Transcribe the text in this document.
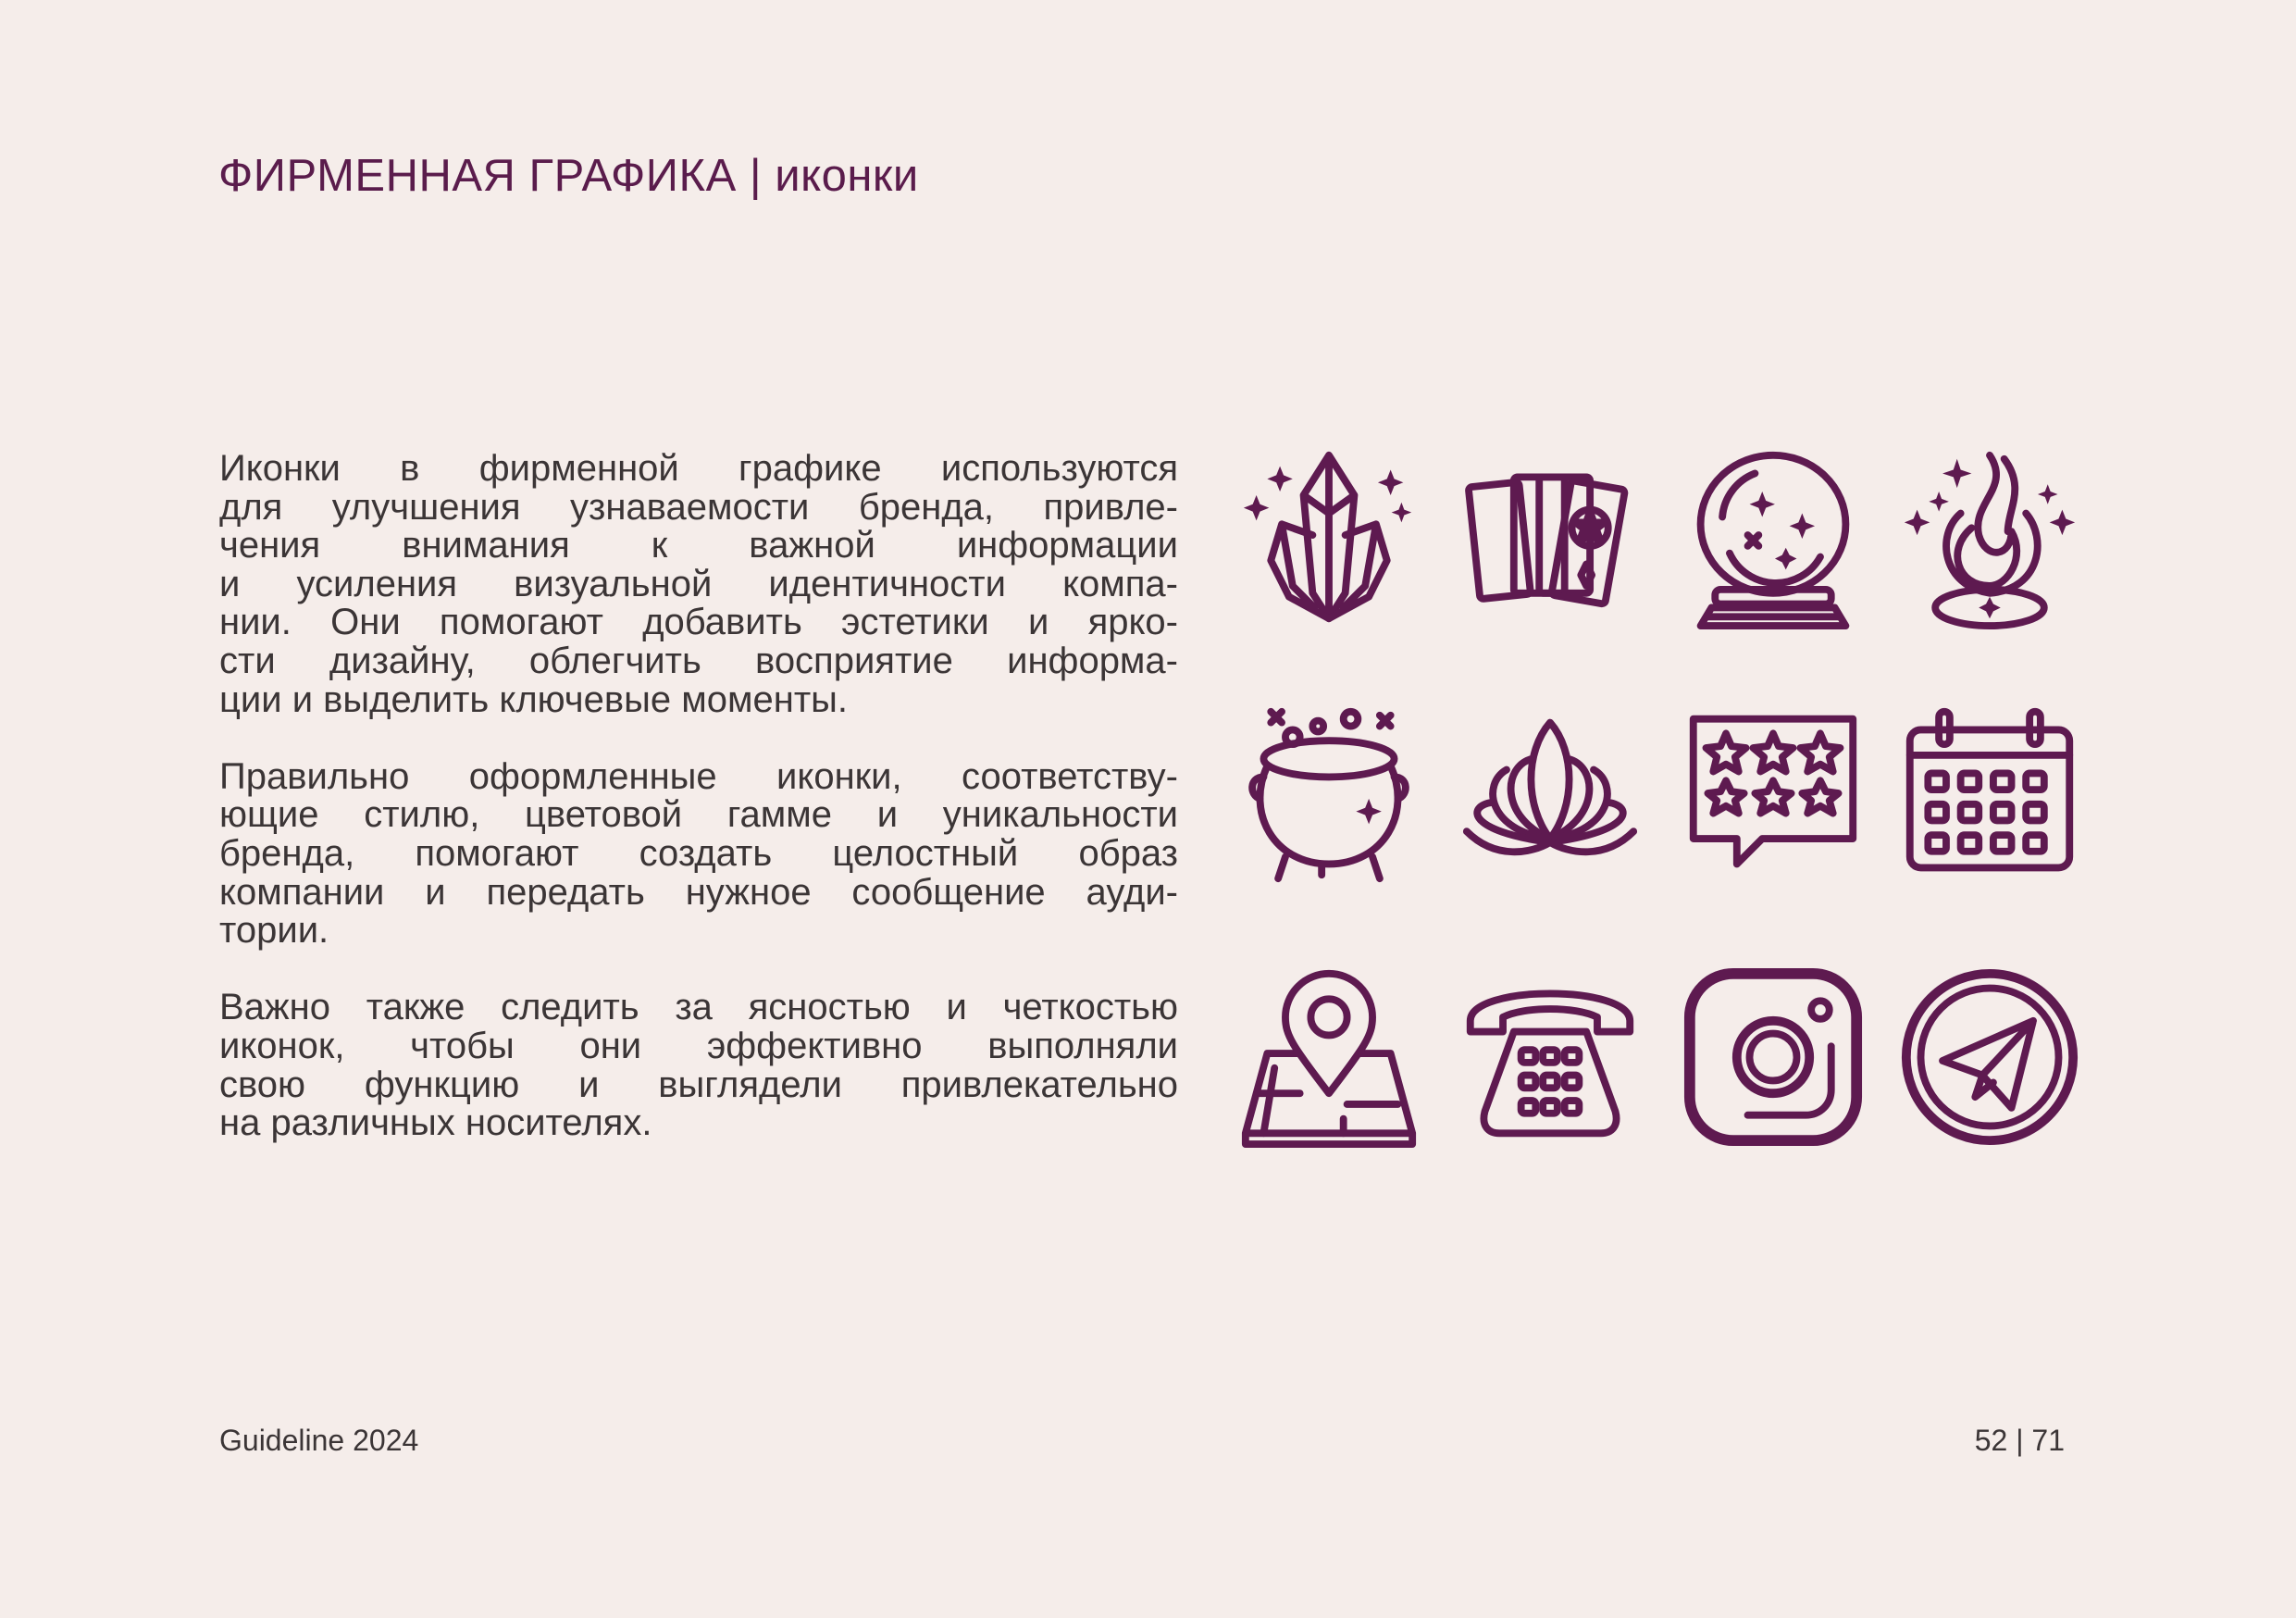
ФИРМЕННАЯ ГРАФИКА | иконки
Иконки в фирменной графике используются
для улучшения узнаваемости бренда, привле-
чения внимания к важной информации
и усиления визуальной идентичности компа-
нии. Они помогают добавить эстетики и ярко-
сти дизайну, облегчить восприятие информа-
ции и выделить ключевые моменты.
Правильно оформленные иконки, соответству-
ющие стилю, цветовой гамме и уникальности
бренда, помогают создать целостный образ
компании и передать нужное сообщение ауди-
тории.
Важно также следить за ясностью и четкостью
иконок, чтобы они эффективно выполняли
свою функцию и выглядели привлекательно
на различных носителях.
Guideline 2024	52 | 71
